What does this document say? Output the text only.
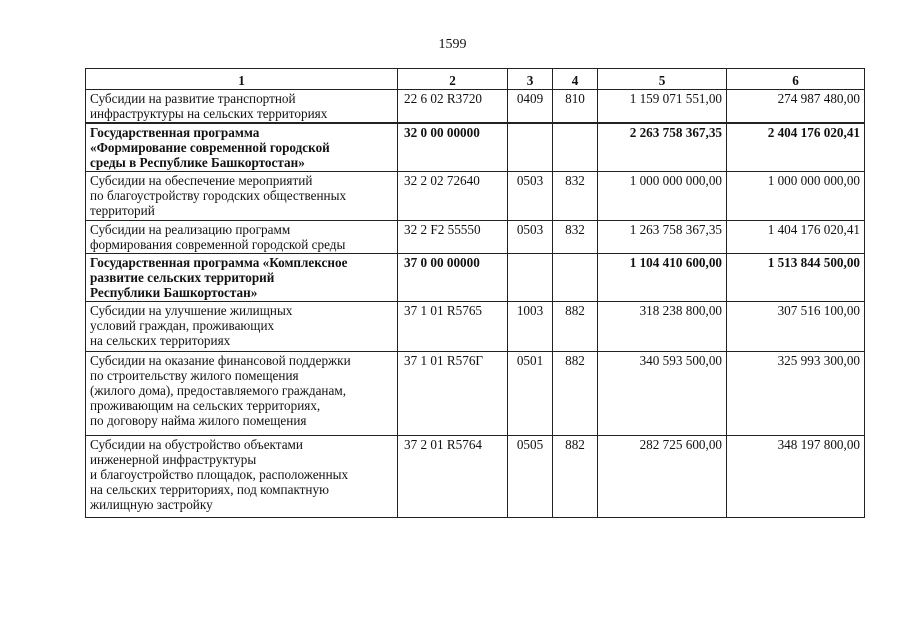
1599
1	2	3	4	5	6
Субсидии на развитие транспортной
инфраструктуры на сельских территориях	22 6 02 R3720	0409	810	1 159 071 551,00	274 987 480,00
Государственная программа
«Формирование современной городской
среды в Республике Башкортостан»	32 0 00 00000			2 263 758 367,35	2 404 176 020,41
Субсидии на обеспечение мероприятий
по благоустройству городских общественных
территорий	32 2 02 72640	0503	832	1 000 000 000,00	1 000 000 000,00
Субсидии на реализацию программ
формирования современной городской среды	32 2 F2 55550	0503	832	1 263 758 367,35	1 404 176 020,41
Государственная программа «Комплексное
развитие сельских территорий
Республики Башкортостан»	37 0 00 00000			1 104 410 600,00	1 513 844 500,00
Субсидии на улучшение жилищных
условий граждан, проживающих
на сельских территориях	37 1 01 R5765	1003	882	318 238 800,00	307 516 100,00
Субсидии на оказание финансовой поддержки
по строительству жилого помещения
(жилого дома), предоставляемого гражданам,
проживающим на сельских территориях,
по договору найма жилого помещения	37 1 01 R576Г	0501	882	340 593 500,00	325 993 300,00
Субсидии на обустройство объектами
инженерной инфраструктуры
и благоустройство площадок, расположенных
на сельских территориях, под компактную
жилищную застройку	37 2 01 R5764	0505	882	282 725 600,00	348 197 800,00
